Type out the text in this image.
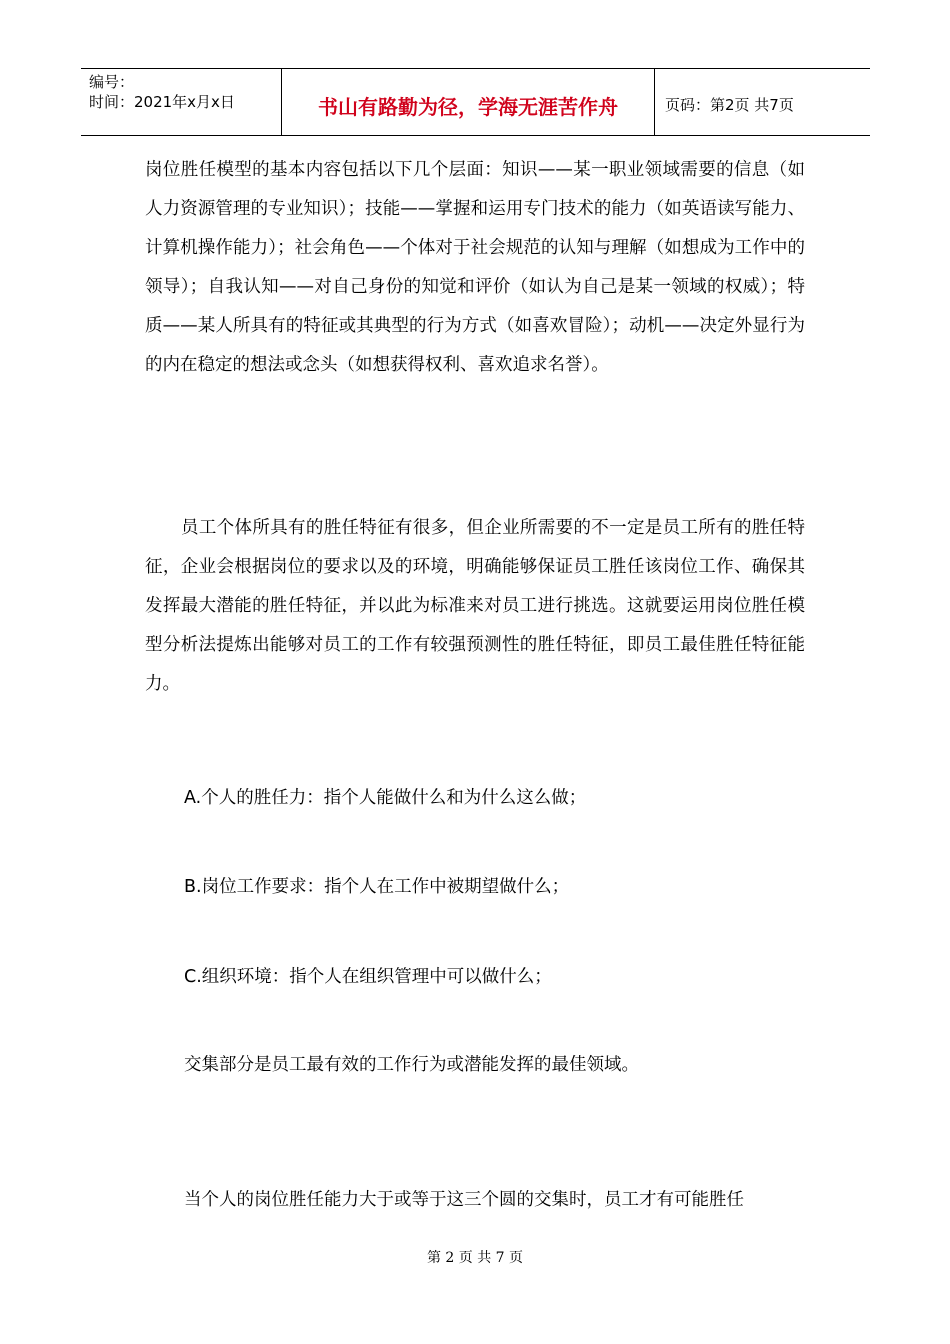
编号：
时间：2021年x月x日	书山有路勤为径，学海无涯苦作舟	页码：第2页 共7页

岗位胜任模型的基本内容包括以下几个层面：知识——某一职业领域需要的信息（如人力资源管理的专业知识）；技能——掌握和运用专门技术的能力（如英语读写能力、计算机操作能力）；社会角色——个体对于社会规范的认知与理解（如想成为工作中的领导）；自我认知——对自己身份的知觉和评价（如认为自己是某一领域的权威）；特质——某人所具有的特征或其典型的行为方式（如喜欢冒险）；动机——决定外显行为的内在稳定的想法或念头（如想获得权利、喜欢追求名誉）。

员工个体所具有的胜任特征有很多，但企业所需要的不一定是员工所有的胜任特征，企业会根据岗位的要求以及的环境，明确能够保证员工胜任该岗位工作、确保其发挥最大潜能的胜任特征，并以此为标准来对员工进行挑选。这就要运用岗位胜任模型分析法提炼出能够对员工的工作有较强预测性的胜任特征，即员工最佳胜任特征能力。

A.个人的胜任力：指个人能做什么和为什么这么做；
B.岗位工作要求：指个人在工作中被期望做什么；
C.组织环境：指个人在组织管理中可以做什么；
交集部分是员工最有效的工作行为或潜能发挥的最佳领域。
当个人的岗位胜任能力大于或等于这三个圆的交集时，员工才有可能胜任
第 2 页 共 7 页
